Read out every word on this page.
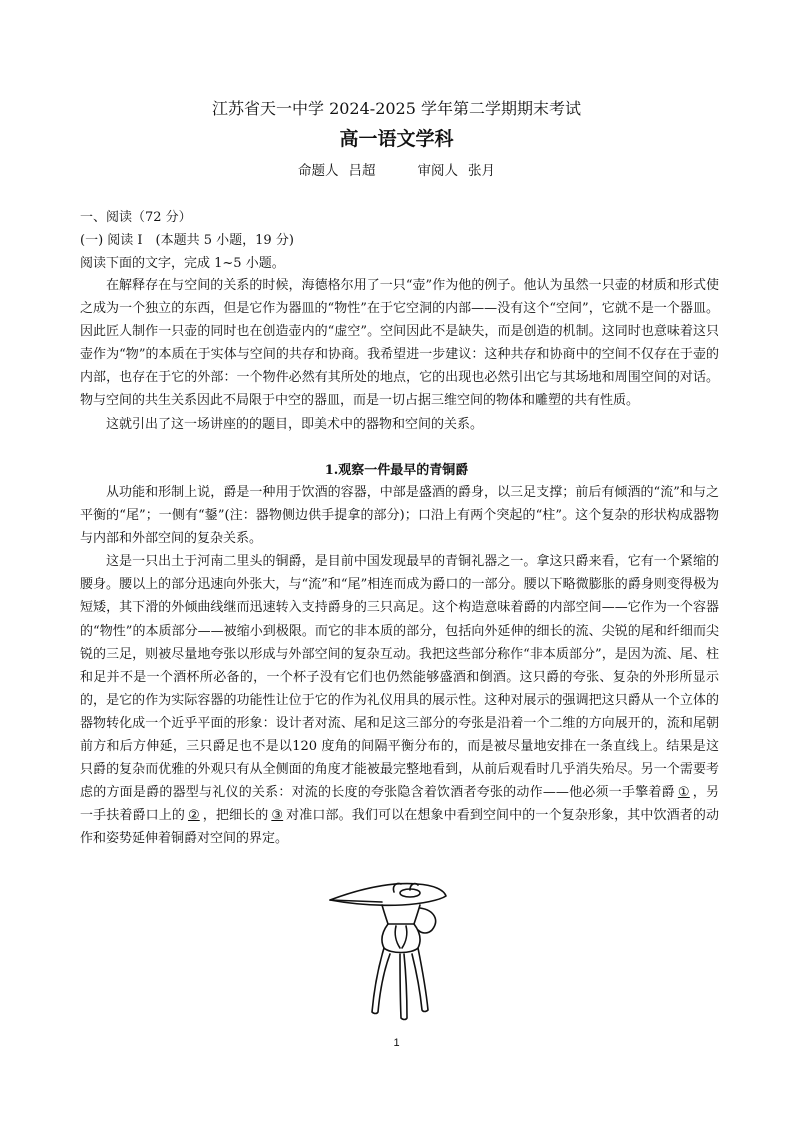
江苏省天一中学 2024-2025 学年第二学期期末考试
高一语文学科
命题人 吕超	审阅人 张月
一、阅读（72 分）
(一) 阅读 I　(本题共 5 小题，19 分)
阅读下面的文字，完成 1~5 小题。

在解释存在与空间的关系的时候，海德格尔用了一只“壶”作为他的例子。他认为虽然一只壶的材质和形式使之成为一个独立的东西，但是它作为器皿的“物性”在于它空洞的内部——没有这个“空间”，它就不是一个器皿。因此匠人制作一只壶的同时也在创造壶内的“虚空”。空间因此不是缺失，而是创造的机制。这同时也意味着这只壶作为“物”的本质在于实体与空间的共存和协商。我希望进一步建议：这种共存和协商中的空间不仅存在于壶的内部，也存在于它的外部：一个物件必然有其所处的地点，它的出现也必然引出它与其场地和周围空间的对话。物与空间的共生关系因此不局限于中空的器皿，而是一切占据三维空间的物体和雕塑的共有性质。

这就引出了这一场讲座的的题目，即美术中的器物和空间的关系。

1.观察一件最早的青铜爵

从功能和形制上说，爵是一种用于饮酒的容器，中部是盛酒的爵身，以三足支撑；前后有倾酒的“流”和与之平衡的“尾”；一侧有“鋬”(注：器物侧边供手提拿的部分)；口沿上有两个突起的“柱”。这个复杂的形状构成器物与内部和外部空间的复杂关系。

这是一只出土于河南二里头的铜爵，是目前中国发现最早的青铜礼器之一。拿这只爵来看，它有一个紧缩的腰身。腰以上的部分迅速向外张大，与“流”和“尾”相连而成为爵口的一部分。腰以下略微膨胀的爵身则变得极为短矮，其下滑的外倾曲线继而迅速转入支持爵身的三只高足。这个构造意味着爵的内部空间——它作为一个容器的“物性”的本质部分——被缩小到极限。而它的非本质的部分，包括向外延伸的细长的流、尖锐的尾和纤细而尖锐的三足，则被尽量地夸张以形成与外部空间的复杂互动。我把这些部分称作“非本质部分”，是因为流、尾、柱和足并不是一个酒杯所必备的，一个杯子没有它们也仍然能够盛酒和倒酒。这只爵的夸张、复杂的外形所显示的，是它的作为实际容器的功能性让位于它的作为礼仪用具的展示性。这种对展示的强调把这只爵从一个立体的器物转化成一个近乎平面的形象：设计者对流、尾和足这三部分的夸张是沿着一个二维的方向展开的，流和尾朝前方和后方伸延，三只爵足也不是以120 度角的间隔平衡分布的，而是被尽量地安排在一条直线上。结果是这只爵的复杂而优雅的外观只有从全侧面的角度才能被最完整地看到，从前后观看时几乎消失殆尽。另一个需要考虑的方面是爵的器型与礼仪的关系：对流的长度的夸张隐含着饮酒者夸张的动作——他必须一手擎着爵 ① ，另一手扶着爵口上的 ② ，把细长的 ③ 对准口部。我们可以在想象中看到空间中的一个复杂形象，其中饮酒者的动作和姿势延伸着铜爵对空间的界定。

1
